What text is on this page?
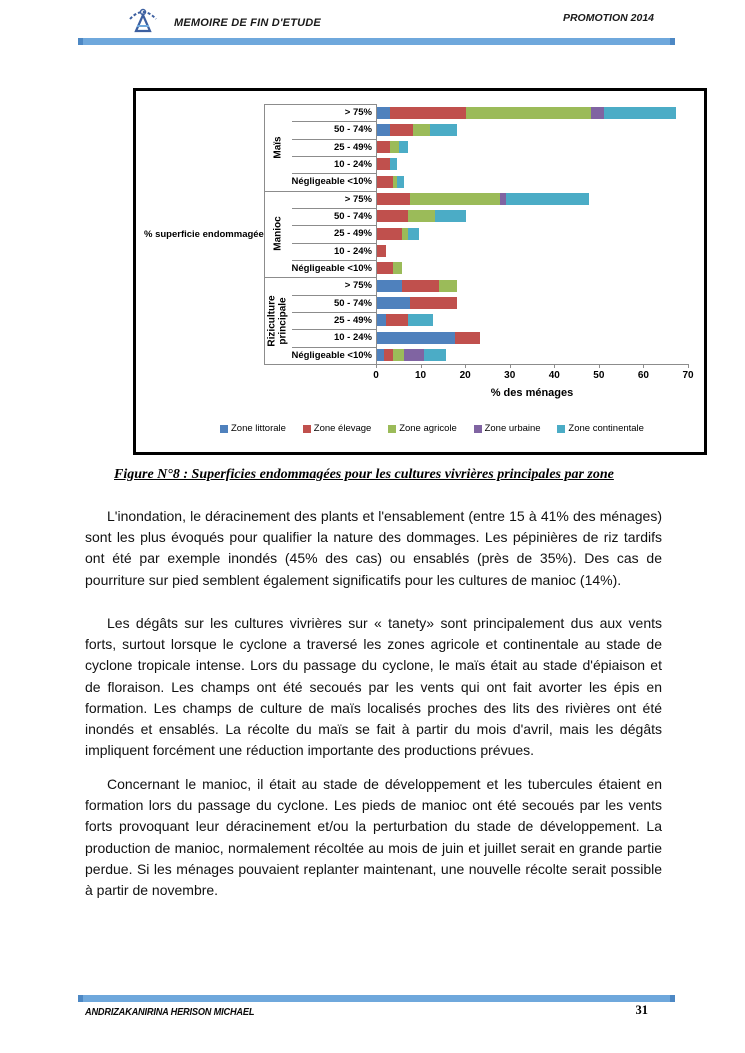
MEMOIRE DE FIN D'ETUDE	PROMOTION 2014
Maïs
> 75%
50 - 74%
25 - 49%
10 - 24%
Négligeable <10%
Manioc
> 75%
50 - 74%
25 - 49%
10 - 24%
Négligeable <10%
Riziculture principale
> 75%
50 - 74%
25 - 49%
10 - 24%
Négligeable <10%
0	10	20	30	40	50	60	70
% des ménages
% superficie endommagée
Zone littorale	Zone élevage	Zone agricole	Zone urbaine	Zone continentale
Figure N°8 : Superficies endommagées pour les cultures vivrières principales par zone

L'inondation, le déracinement des plants et l'ensablement (entre 15 à 41% des ménages) sont les plus évoqués pour qualifier la nature des dommages. Les pépinières de riz tardifs ont été par exemple inondés (45% des cas) ou ensablés (près de 35%). Des cas de pourriture sur pied semblent également significatifs pour les cultures de manioc (14%).

Les dégâts sur les cultures vivrières sur « tanety» sont principalement dus aux vents forts, surtout lorsque le cyclone a traversé les zones agricole et continentale au stade de cyclone tropicale intense. Lors du passage du cyclone, le maïs était au stade d'épiaison et de floraison. Les champs ont été secoués par les vents qui ont fait avorter les épis en formation. Les champs de culture de maïs localisés proches des lits des rivières ont été inondés et ensablés. La récolte du maïs se fait à partir du mois d'avril, mais les dégâts impliquent forcément une réduction importante des productions prévues.

Concernant le manioc, il était au stade de développement et les tubercules étaient en formation lors du passage du cyclone. Les pieds de manioc ont été secoués par les vents forts provoquant leur déracinement et/ou la perturbation du stade de développement. La production de manioc, normalement récoltée au mois de juin et juillet serait en grande partie perdue. Si les ménages pouvaient replanter maintenant, une nouvelle récolte serait possible à partir de novembre.

ANDRIZAKANIRINA HERISON MICHAEL	31
